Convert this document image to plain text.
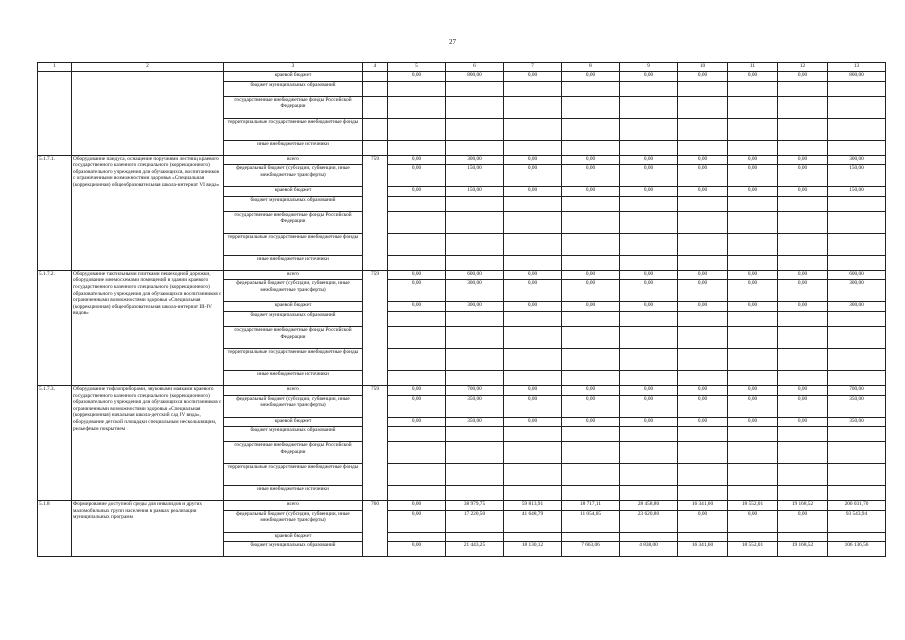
27
1	2	3	4	5	6	7	8	9	10	11	12	13
		краевой бюджет		0,00	800,00	0,00	0,00	0,00	0,00	0,00	0,00	800,00
		бюджет муниципальных образований										
		государственные внебюджетные фонды Российской Федерации										
		территориальные государственные внебюджетные фонды										
		иные внебюджетные источники										
5.1.7.1.	Оборудование пандуса, оснащение поручнями лестниц краевого государственного казенного специального (коррекционного) образовательного учреждения для обучающихся, воспитанников с ограниченными возможностями здоровья «Специальная (коррекционная) общеобразовательная школа-интернат VI вида»	всего	759	0,00	300,00	0,00	0,00	0,00	0,00	0,00	0,00	300,00
		федеральный бюджет (субсидии, субвенции, иные межбюджетные трансферты)		0,00	150,00	0,00	0,00	0,00	0,00	0,00	0,00	150,00
		краевой бюджет		0,00	150,00	0,00	0,00	0,00	0,00	0,00	0,00	150,00
		бюджет муниципальных образований										
		государственные внебюджетные фонды Российской Федерации										
		территориальные государственные внебюджетные фонды										
		иные внебюджетные источники										
5.1.7.2.	Оборудование тактильными плитками пешеходной дорожки, оборудование мнемосхемами помещений в здании краевого государственного казенного специального (коррекционного) образовательного учреждения для обучающихся воспитанников с ограниченными возможностями здоровья «Специальная (коррекционная) общеобразовательная школа-интернат III-IV видов»	всего	759	0,00	600,00	0,00	0,00	0,00	0,00	0,00	0,00	600,00
		федеральный бюджет (субсидии, субвенции, иные межбюджетные трансферты)		0,00	300,00	0,00	0,00	0,00	0,00	0,00	0,00	300,00
		краевой бюджет		0,00	300,00	0,00	0,00	0,00	0,00	0,00	0,00	300,00
		бюджет муниципальных образований										
		государственные внебюджетные фонды Российской Федерации										
		территориальные государственные внебюджетные фонды										
		иные внебюджетные источники										
5.1.7.3.	Оборудование тифлоприборами, звуковыми маяками краевого государственного казенного специального (коррекционного) образовательного учреждения для обучающихся воспитанников с ограниченными возможностями здоровья «Специальная (коррекционная) начальная школа-детский сад IV вида», оборудование детской площадки специальным несколькзящим, рельефным покрытием	всего	759	0,00	700,00	0,00	0,00	0,00	0,00	0,00	0,00	700,00
		федеральный бюджет (субсидии, субвенции, иные межбюджетные трансферты)		0,00	350,00	0,00	0,00	0,00	0,00	0,00	0,00	350,00
		краевой бюджет		0,00	350,00	0,00	0,00	0,00	0,00	0,00	0,00	350,00
		бюджет муниципальных образований										
		государственные внебюджетные фонды Российской Федерации										
		территориальные государственные внебюджетные фонды										
		иные внебюджетные источники										
5.1.8	Формирование доступной среды для инвалидов и других маломобильных групп населения в рамках реализации муниципальных программ	всего	760	0,00	38 979,75	59 813,91	18 717,11	28 458,80	16 341,60	18 552,01	19 168,52	200 031,70
		федеральный бюджет (субсидии, субвенции, иные межбюджетные трансферты)		0,00	17 220,50	41 648,79	11 054,05	23 620,80	0,00	0,00	0,00	93 543,94
		краевой бюджет										
		бюджет муниципальных образований		0,00	21 443,25	18 130,12	7 663,06	4 838,00	16 341,60	18 552,01	19 168,52	106 136,56
